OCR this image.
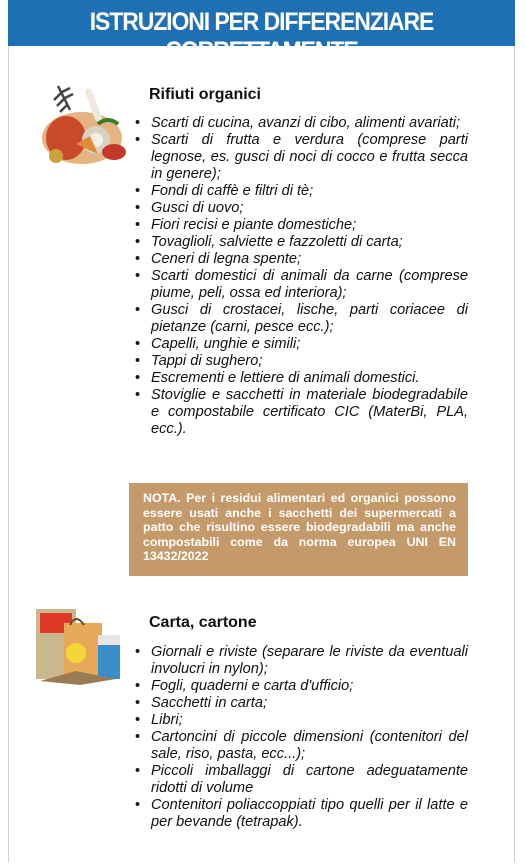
ISTRUZIONI PER DIFFERENZIARE CORRETTAMENTE
Rifiuti organici
• Scarti di cucina, avanzi di cibo, alimenti avariati;
• Scarti di frutta e verdura (comprese parti legnose, es. gusci di noci di cocco e frutta secca in genere);
• Fondi di caffè e filtri di tè;
• Gusci di uovo;
• Fiori recisi e piante domestiche;
• Tovaglioli, salviette e fazzoletti di carta;
• Ceneri di legna spente;
• Scarti domestici di animali da carne (comprese piume, peli, ossa ed interiora);
• Gusci di crostacei, lische, parti coriacee di pietanze (carni, pesce ecc.);
• Capelli, unghie e simili;
• Tappi di sughero;
• Escrementi e lettiere di animali domestici.
• Stoviglie e sacchetti in materiale biodegradabile e compostabile certificato CIC (MaterBi, PLA, ecc.).
NOTA. Per i residui alimentari ed organici possono essere usati anche i sacchetti dei supermercati a patto che risultino essere biodegradabili ma anche compostabili come da norma europea UNI EN 13432/2022
Carta, cartone
• Giornali e riviste (separare le riviste da eventuali involucri in nylon);
• Fogli, quaderni e carta d'ufficio;
• Sacchetti in carta;
• Libri;
• Cartoncini di piccole dimensioni (contenitori del sale, riso, pasta, ecc...);
• Piccoli imballaggi di cartone adeguatamente ridotti di volume
• Contenitori poliaccoppiati tipo quelli per il latte e per bevande (tetrapak).
